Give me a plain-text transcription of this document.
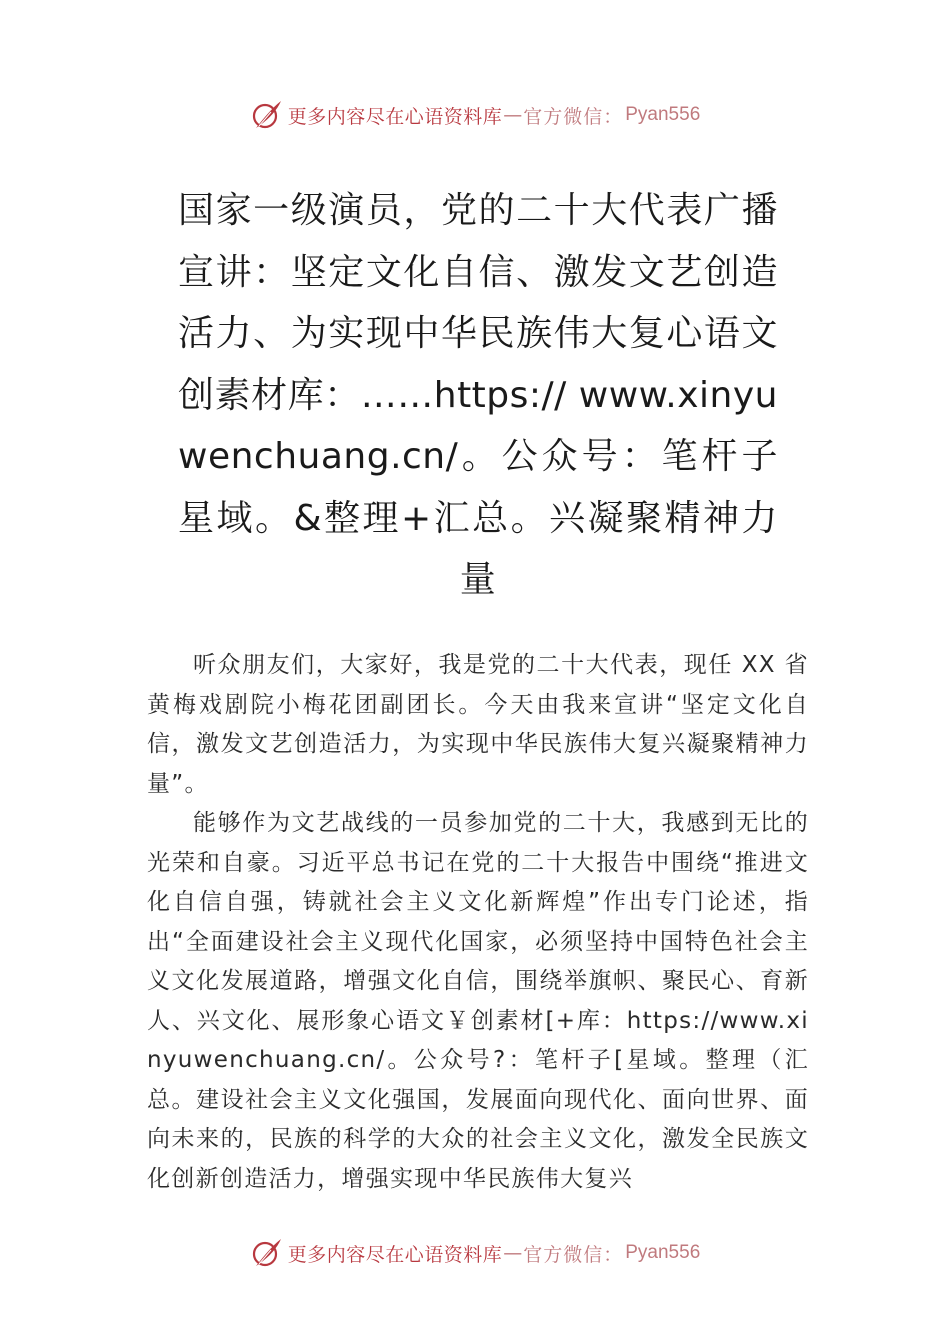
更多内容尽在心语资料库 — 官方微信： Pyan556
国家一级演员，党的二十大代表广播宣讲：坚定文化自信、激发文艺创造活力、为实现中华民族伟大复心语文创素材库：……https:// www.xinyuwenchuang.cn/。公众号：笔杆子星域。&整理+汇总。兴凝聚精神力量

听众朋友们，大家好，我是党的二十大代表，现任 XX 省黄梅戏剧院小梅花团副团长。今天由我来宣讲“坚定文化自信，激发文艺创造活力，为实现中华民族伟大复兴凝聚精神力量”。

能够作为文艺战线的一员参加党的二十大，我感到无比的光荣和自豪。习近平总书记在党的二十大报告中围绕“推进文化自信自强，铸就社会主义文化新辉煌”作出专门论述，指出“全面建设社会主义现代化国家，必须坚持中国特色社会主义文化发展道路，增强文化自信，围绕举旗帜、聚民心、育新人、兴文化、展形象心语文￥创素材[+库：https://www.xinyuwenchuang.cn/。公众号?：笔杆子[星域。整理（汇总。建设社会主义文化强国，发展面向现代化、面向世界、面向未来的，民族的科学的大众的社会主义文化，激发全民族文化创新创造活力，增强实现中华民族伟大复兴

更多内容尽在心语资料库 — 官方微信： Pyan556
